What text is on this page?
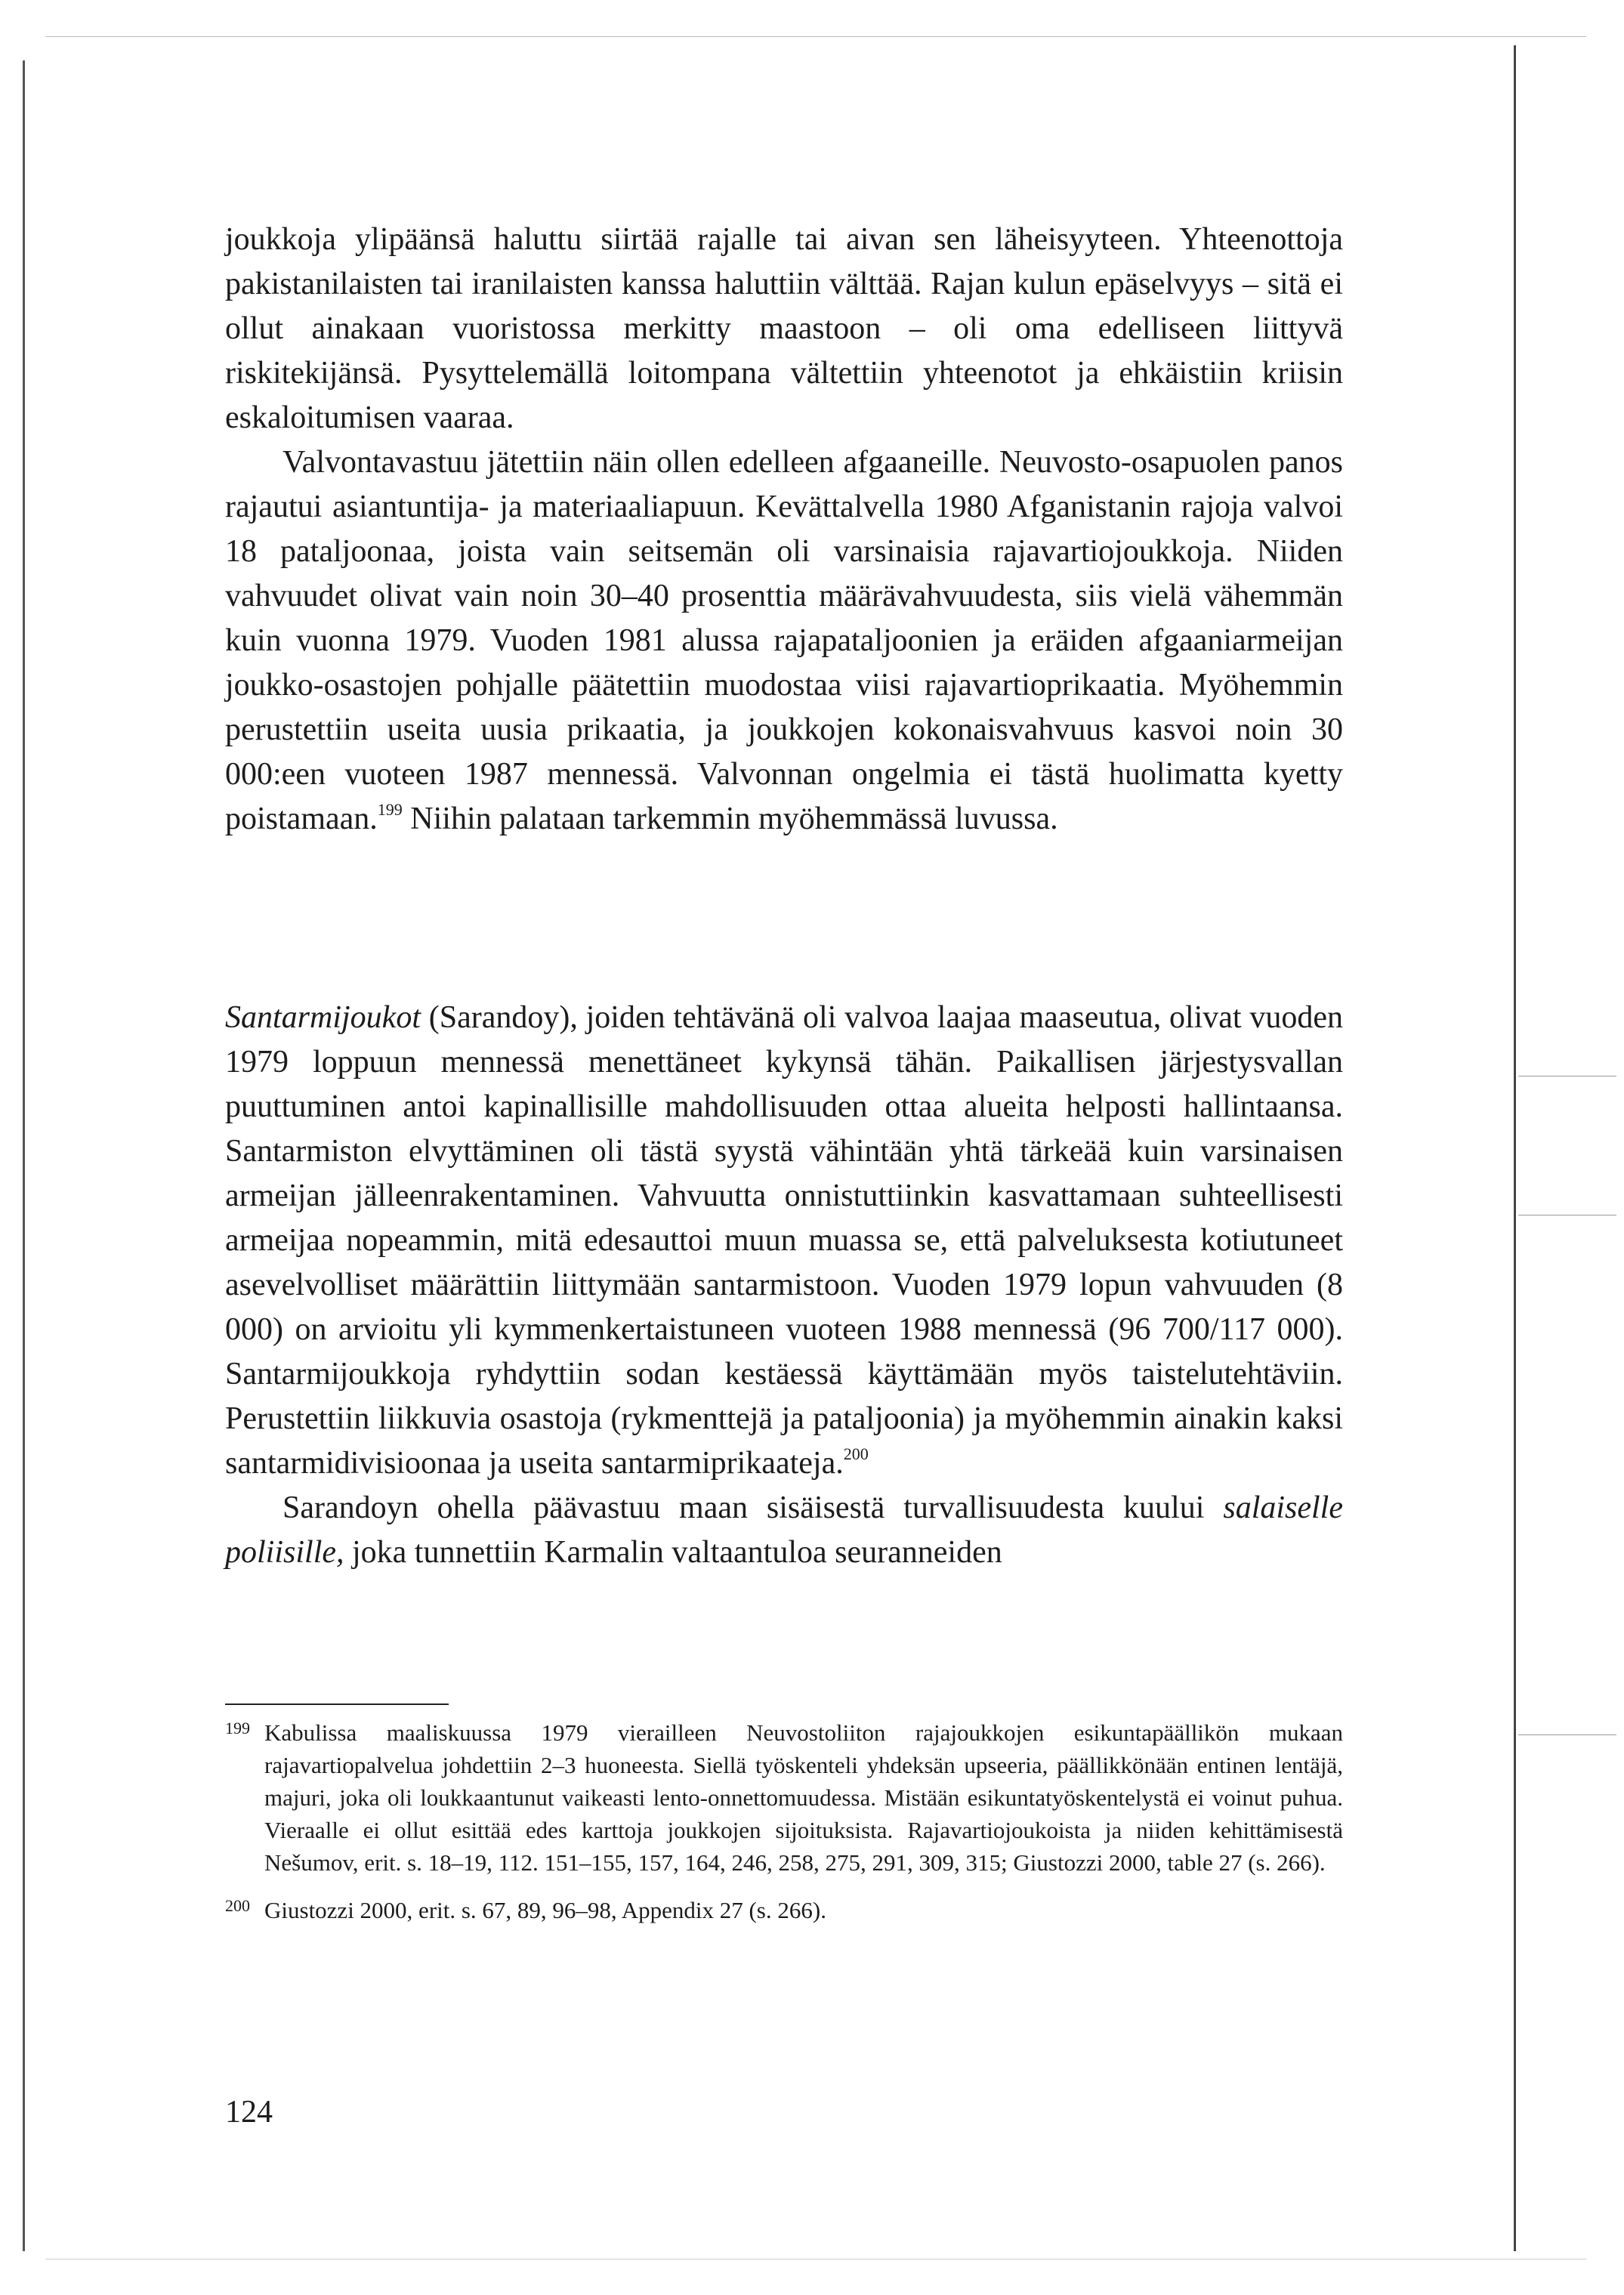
joukkoja ylipäänsä haluttu siirtää rajalle tai aivan sen läheisyyteen. Yhteenottoja pakistanilaisten tai iranilaisten kanssa haluttiin välttää. Rajan kulun epäselvyys – sitä ei ollut ainakaan vuoristossa merkitty maastoon – oli oma edelliseen liittyvä riskitekijänsä. Pysyttelemällä loitompana vältettiin yhteenotot ja ehkäistiin kriisin eskaloitumisen vaaraa.

Valvontavastuu jätettiin näin ollen edelleen afgaaneille. Neuvosto-osapuolen panos rajautui asiantuntija- ja materiaaliapuun. Kevättalvella 1980 Afganistanin rajoja valvoi 18 pataljoonaa, joista vain seitsemän oli varsinaisia rajavartiojoukkoja. Niiden vahvuudet olivat vain noin 30–40 prosenttia määrävahvuudesta, siis vielä vähemmän kuin vuonna 1979. Vuoden 1981 alussa rajapataljoonien ja eräiden afgaaniarmeijan joukko-osastojen pohjalle päätettiin muodostaa viisi rajavartioprikaatia. Myöhemmin perustettiin useita uusia prikaatia, ja joukkojen kokonaisvahvuus kasvoi noin 30 000:een vuoteen 1987 mennessä. Valvonnan ongelmia ei tästä huolimatta kyetty poistamaan.$^{199}$ Niihin palataan tarkemmin myöhemmässä luvussa.

Santarmijoukot (Sarandoy), joiden tehtävänä oli valvoa laajaa maaseutua, olivat vuoden 1979 loppuun mennessä menettäneet kykynsä tähän. Paikallisen järjestysvallan puuttuminen antoi kapinallisille mahdollisuuden ottaa alueita helposti hallintaansa. Santarmiston elvyttäminen oli tästä syystä vähintään yhtä tärkeää kuin varsinaisen armeijan jälleenrakentaminen. Vahvuutta onnistuttiinkin kasvattamaan suhteellisesti armeijaa nopeammin, mitä edesauttoi muun muassa se, että palveluksesta kotiutuneet asevelvolliset määrättiin liittymään santarmistoon. Vuoden 1979 lopun vahvuuden (8 000) on arvioitu yli kymmenkertaistuneen vuoteen 1988 mennessä (96 700/117 000). Santarmijoukkoja ryhdyttiin sodan kestäessä käyttämään myös taistelutehtäviin. Perustettiin liikkuvia osastoja (rykmenttejä ja pataljoonia) ja myöhemmin ainakin kaksi santarmidivisioonaa ja useita santarmiprikaateja.$^{200}$

Sarandoyn ohella päävastuu maan sisäisestä turvallisuudesta kuului salaiselle poliisille, joka tunnettiin Karmalin valtaantuloa seuranneiden

199 Kabulissa maaliskuussa 1979 vierailleen Neuvostoliiton rajajoukkojen esikuntapäällikön mukaan rajavartiopalvelua johdettiin 2–3 huoneesta. Siellä työskenteli yhdeksän upseeria, päällikkönään entinen lentäjä, majuri, joka oli loukkaantunut vaikeasti lento-onnettomuudessa. Mistään esikuntatyöskentelystä ei voinut puhua. Vieraalle ei ollut esittää edes karttoja joukkojen sijoituksista. Rajavartiojoukoista ja niiden kehittämisestä Nešumov, erit. s. 18–19, 112. 151–155, 157, 164, 246, 258, 275, 291, 309, 315; Giustozzi 2000, table 27 (s. 266).

200 Giustozzi 2000, erit. s. 67, 89, 96–98, Appendix 27 (s. 266).

124
